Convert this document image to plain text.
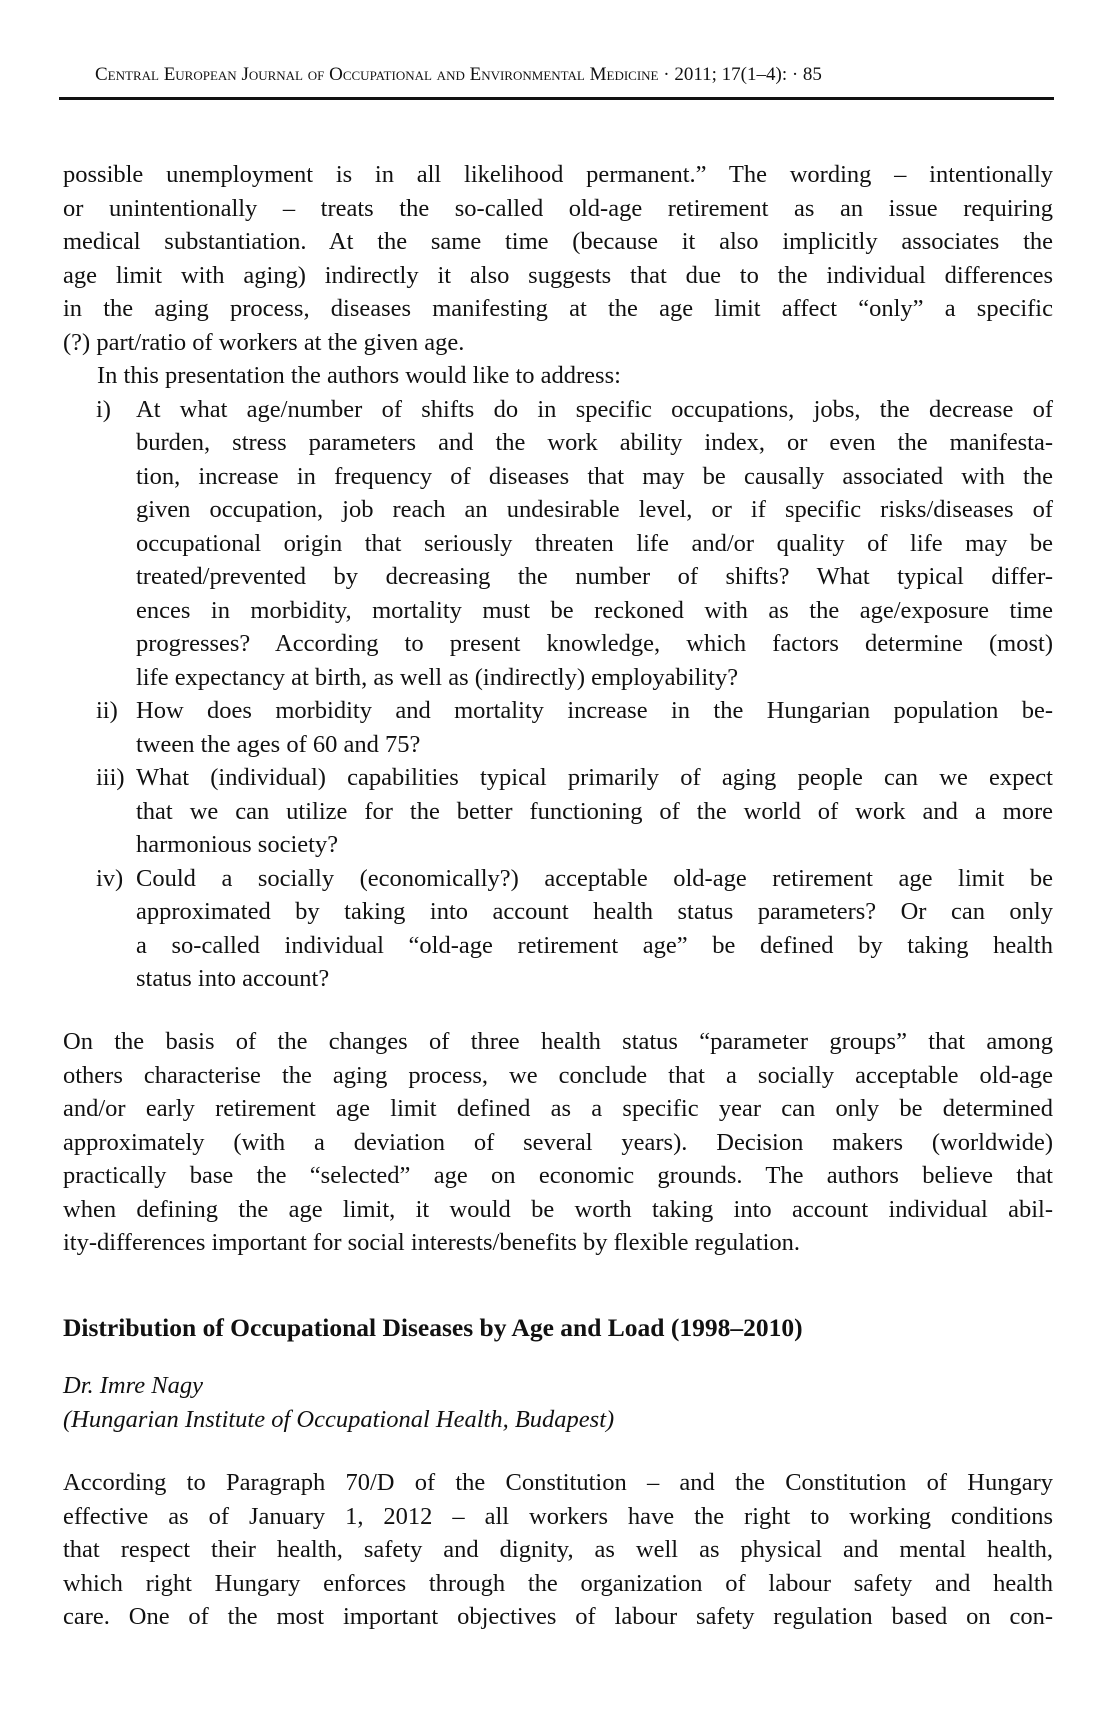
Central European Journal of Occupational and Environmental Medicine · 2011; 17(1–4): · 85
possible unemployment is in all likelihood permanent.” The wording – intentionally
or unintentionally – treats the so-called old-age retirement as an issue requiring
medical substantiation. At the same time (because it also implicitly associates the
age limit with aging) indirectly it also suggests that due to the individual differences
in the aging process, diseases manifesting at the age limit affect “only” a specific
(?) part/ratio of workers at the given age.
In this presentation the authors would like to address:
i) At what age/number of shifts do in specific occupations, jobs, the decrease of
burden, stress parameters and the work ability index, or even the manifesta-
tion, increase in frequency of diseases that may be causally associated with the
given occupation, job reach an undesirable level, or if specific risks/diseases of
occupational origin that seriously threaten life and/or quality of life may be
treated/prevented by decreasing the number of shifts? What typical differ-
ences in morbidity, mortality must be reckoned with as the age/exposure time
progresses? According to present knowledge, which factors determine (most)
life expectancy at birth, as well as (indirectly) employability?
ii) How does morbidity and mortality increase in the Hungarian population be-
tween the ages of 60 and 75?
iii) What (individual) capabilities typical primarily of aging people can we expect
that we can utilize for the better functioning of the world of work and a more
harmonious society?
iv) Could a socially (economically?) acceptable old-age retirement age limit be
approximated by taking into account health status parameters? Or can only
a so-called individual “old-age retirement age” be defined by taking health
status into account?
On the basis of the changes of three health status “parameter groups” that among
others characterise the aging process, we conclude that a socially acceptable old-age
and/or early retirement age limit defined as a specific year can only be determined
approximately (with a deviation of several years). Decision makers (worldwide)
practically base the “selected” age on economic grounds. The authors believe that
when defining the age limit, it would be worth taking into account individual abil-
ity-differences important for social interests/benefits by flexible regulation.
Distribution of Occupational Diseases by Age and Load (1998–2010)
Dr. Imre Nagy
(Hungarian Institute of Occupational Health, Budapest)
According to Paragraph 70/D of the Constitution – and the Constitution of Hungary
effective as of January 1, 2012 – all workers have the right to working conditions
that respect their health, safety and dignity, as well as physical and mental health,
which right Hungary enforces through the organization of labour safety and health
care. One of the most important objectives of labour safety regulation based on con-
